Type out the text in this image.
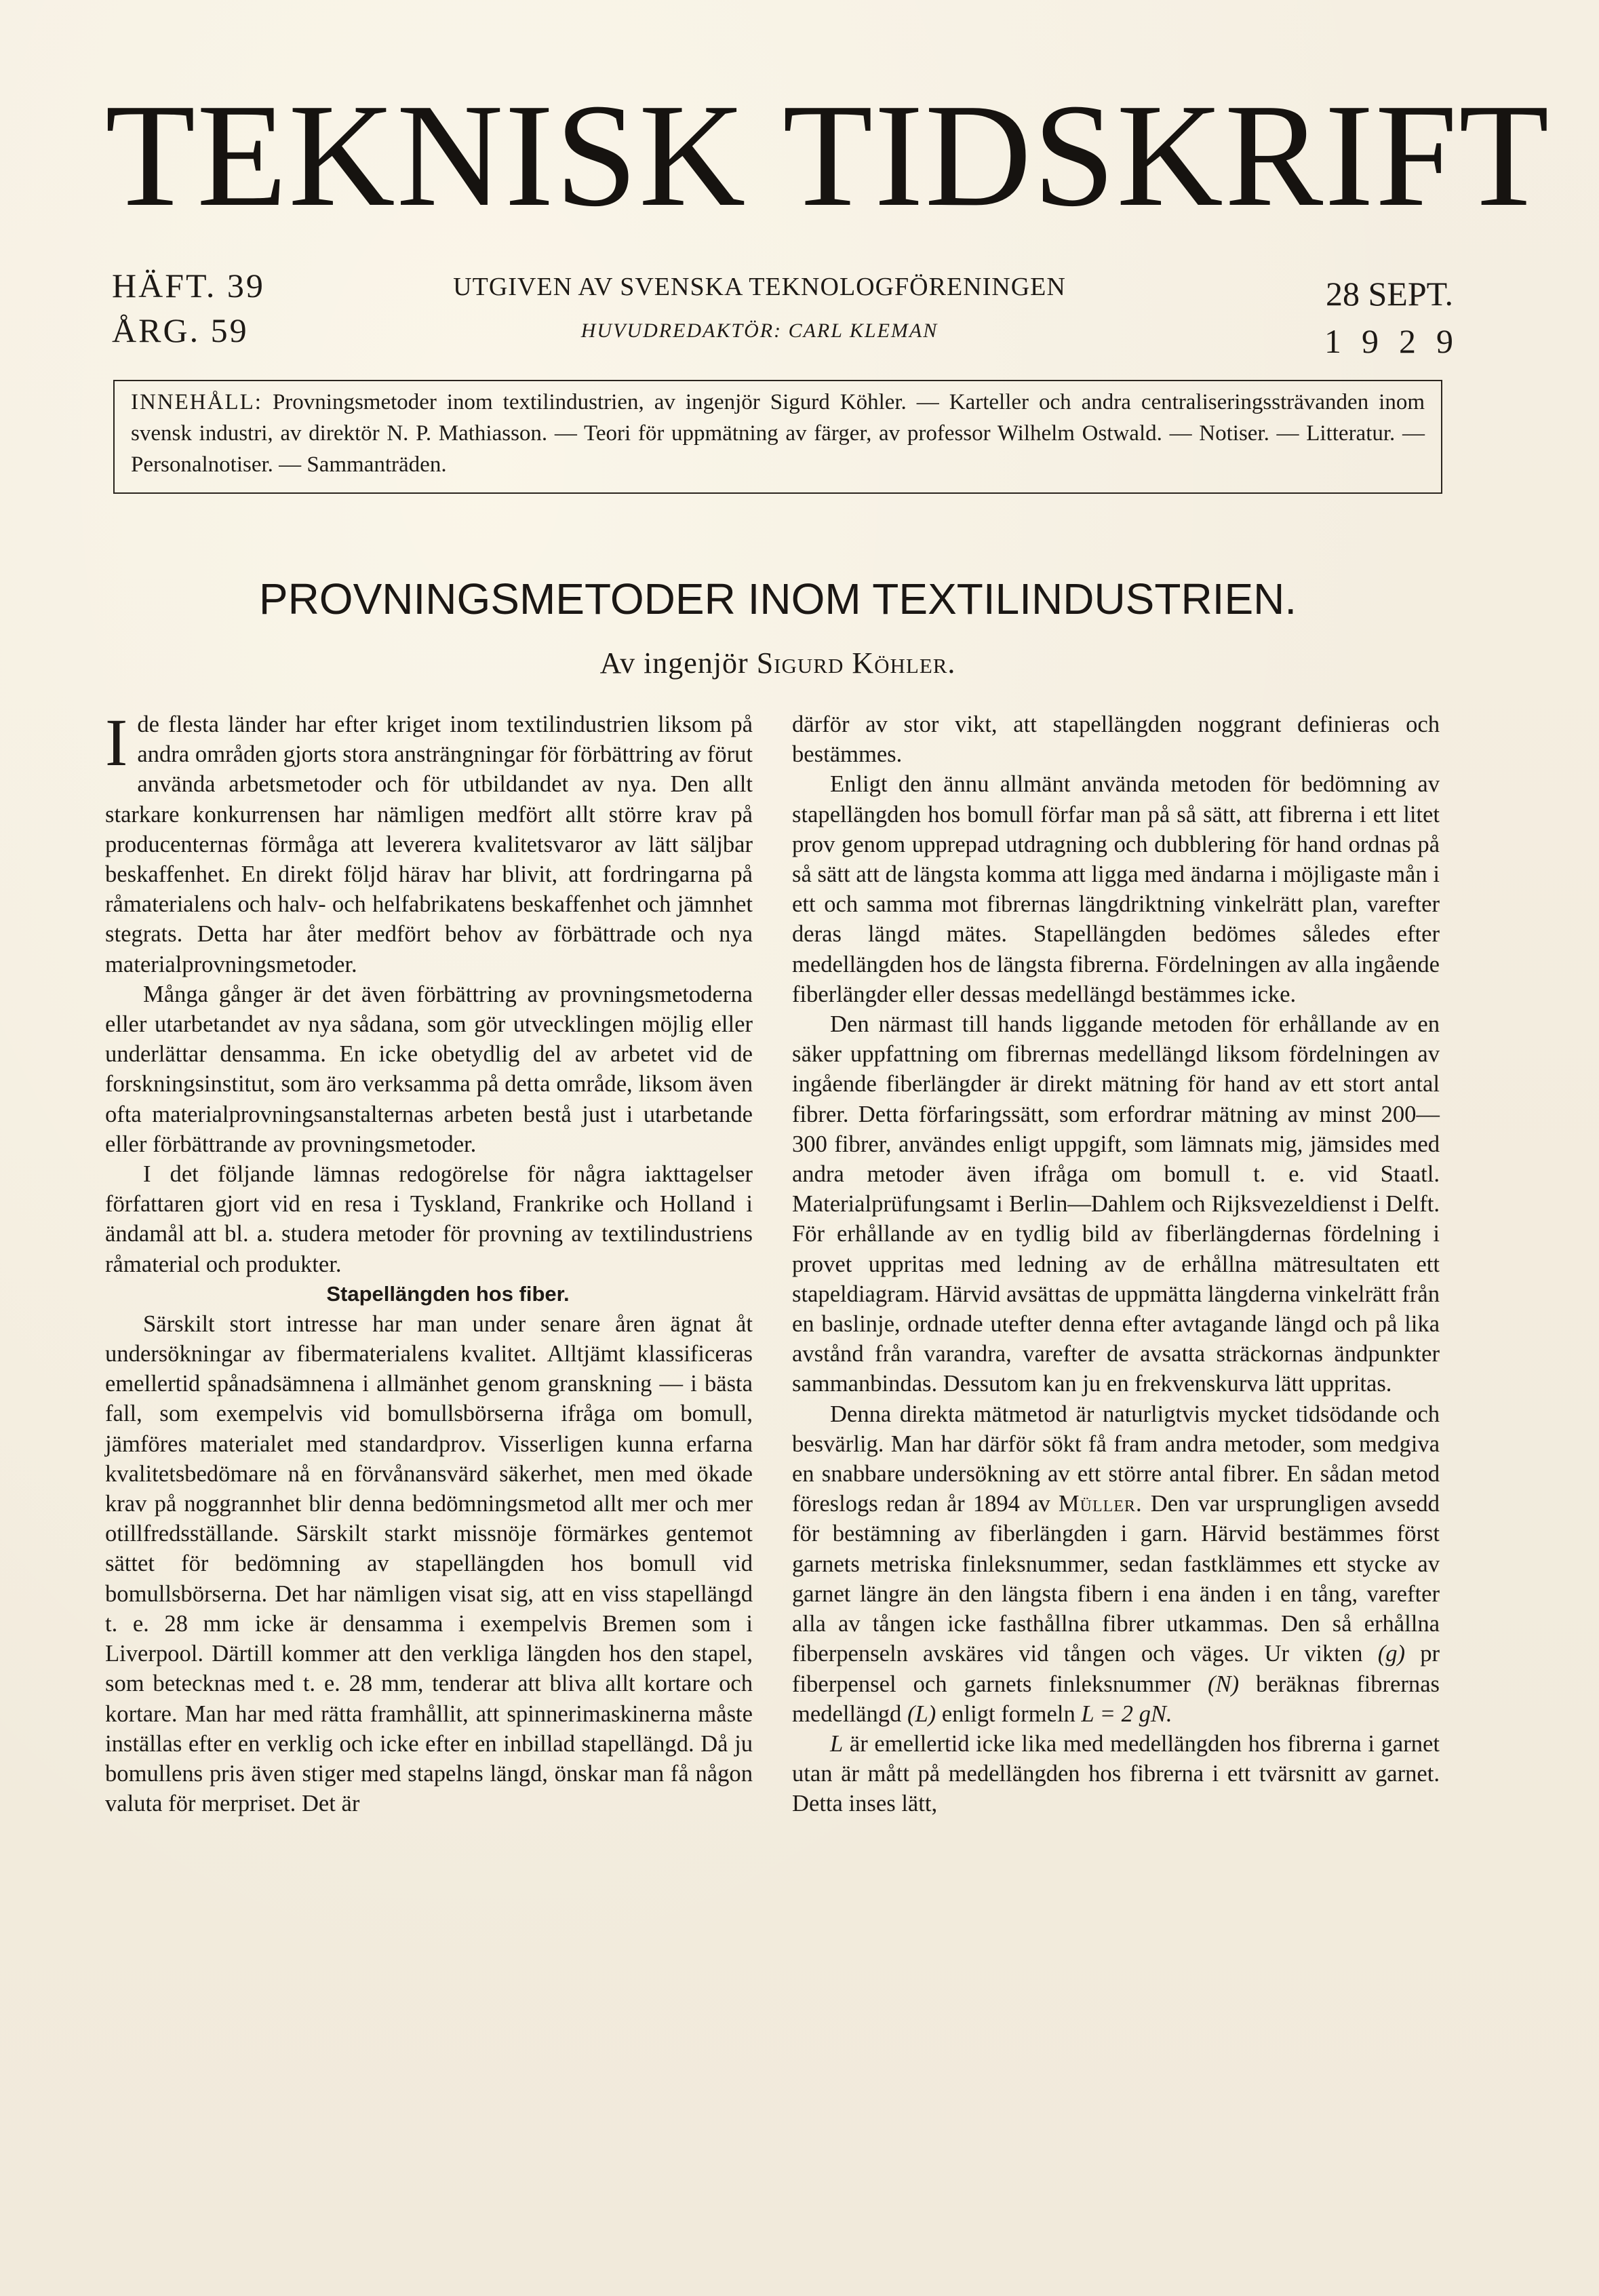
TEKNISK TIDSKRIFT
HÄFT. 39
ÅRG. 59
UTGIVEN AV SVENSKA TEKNOLOGFÖRENINGEN
HUVUDREDAKTÖR: CARL KLEMAN
28 SEPT.
1929
INNEHÅLL: Provningsmetoder inom textilindustrien, av ingenjör Sigurd Köhler. — Karteller och andra centraliseringssträvanden inom svensk industri, av direktör N. P. Mathiasson. — Teori för uppmätning av färger, av professor Wilhelm Ostwald. — Notiser. — Litteratur. — Personalnotiser. — Sammanträden.
PROVNINGSMETODER INOM TEXTILINDUSTRIEN.
Av ingenjör Sigurd Köhler.

Ide flesta länder har efter kriget inom textilindustrien liksom på andra områden gjorts stora ansträngningar för förbättring av förut använda arbetsmetoder och för utbildandet av nya. Den allt starkare konkurrensen har nämligen medfört allt större krav på producenternas förmåga att leverera kvalitetsvaror av lätt säljbar beskaffenhet. En direkt följd härav har blivit, att fordringarna på råmaterialens och halv- och helfabrikatens beskaffenhet och jämnhet stegrats. Detta har åter medfört behov av förbättrade och nya materialprovningsmetoder.

Många gånger är det även förbättring av provningsmetoderna eller utarbetandet av nya sådana, som gör utvecklingen möjlig eller underlättar densamma. En icke obetydlig del av arbetet vid de forskningsinstitut, som äro verksamma på detta område, liksom även ofta materialprovningsanstalternas arbeten bestå just i utarbetande eller förbättrande av provningsmetoder.

I det följande lämnas redogörelse för några iakttagelser författaren gjort vid en resa i Tyskland, Frankrike och Holland i ändamål att bl. a. studera metoder för provning av textilindustriens råmaterial och produkter.

Stapellängden hos fiber.

Särskilt stort intresse har man under senare åren ägnat åt undersökningar av fibermaterialens kvalitet. Alltjämt klassificeras emellertid spånadsämnena i allmänhet genom granskning — i bästa fall, som exempelvis vid bomullsbörserna ifråga om bomull, jämföres materialet med standardprov. Visserligen kunna erfarna kvalitetsbedömare nå en förvånansvärd säkerhet, men med ökade krav på noggrannhet blir denna bedömningsmetod allt mer och mer otillfredsställande. Särskilt starkt missnöje förmärkes gentemot sättet för bedömning av stapellängden hos bomull vid bomullsbörserna. Det har nämligen visat sig, att en viss stapellängd t. e. 28 mm icke är densamma i exempelvis Bremen som i Liverpool. Därtill kommer att den verkliga längden hos den stapel, som betecknas med t. e. 28 mm, tenderar att bliva allt kortare och kortare. Man har med rätta framhållit, att spinnerimaskinerna måste inställas efter en verklig och icke efter en inbillad stapellängd. Då ju bomullens pris även stiger med stapelns längd, önskar man få någon valuta för merpriset. Det är

därför av stor vikt, att stapellängden noggrant definieras och bestämmes.

Enligt den ännu allmänt använda metoden för bedömning av stapellängden hos bomull förfar man på så sätt, att fibrerna i ett litet prov genom upprepad utdragning och dubblering för hand ordnas på så sätt att de längsta komma att ligga med ändarna i möjligaste mån i ett och samma mot fibrernas längdriktning vinkelrätt plan, varefter deras längd mätes. Stapellängden bedömes således efter medellängden hos de längsta fibrerna. Fördelningen av alla ingående fiberlängder eller dessas medellängd bestämmes icke.

Den närmast till hands liggande metoden för erhållande av en säker uppfattning om fibrernas medellängd liksom fördelningen av ingående fiberlängder är direkt mätning för hand av ett stort antal fibrer. Detta förfaringssätt, som erfordrar mätning av minst 200—300 fibrer, användes enligt uppgift, som lämnats mig, jämsides med andra metoder även ifråga om bomull t. e. vid Staatl. Materialprüfungsamt i Berlin—Dahlem och Rijksvezeldienst i Delft. För erhållande av en tydlig bild av fiberlängdernas fördelning i provet uppritas med ledning av de erhållna mätresultaten ett stapeldiagram. Härvid avsättas de uppmätta längderna vinkelrätt från en baslinje, ordnade utefter denna efter avtagande längd och på lika avstånd från varandra, varefter de avsatta sträckornas ändpunkter sammanbindas. Dessutom kan ju en frekvenskurva lätt uppritas.

Denna direkta mätmetod är naturligtvis mycket tidsödande och besvärlig. Man har därför sökt få fram andra metoder, som medgiva en snabbare undersökning av ett större antal fibrer. En sådan metod föreslogs redan år 1894 av Müller. Den var ursprungligen avsedd för bestämning av fiberlängden i garn. Härvid bestämmes först garnets metriska finleksnummer, sedan fastklämmes ett stycke av garnet längre än den längsta fibern i ena änden i en tång, varefter alla av tången icke fasthållna fibrer utkammas. Den så erhållna fiberpenseln avskäres vid tången och väges. Ur vikten (g) pr fiberpensel och garnets finleksnummer (N) beräknas fibrernas medellängd (L) enligt formeln L = 2 gN.

L är emellertid icke lika med medellängden hos fibrerna i garnet utan är mått på medellängden hos fibrerna i ett tvärsnitt av garnet. Detta inses lätt,
